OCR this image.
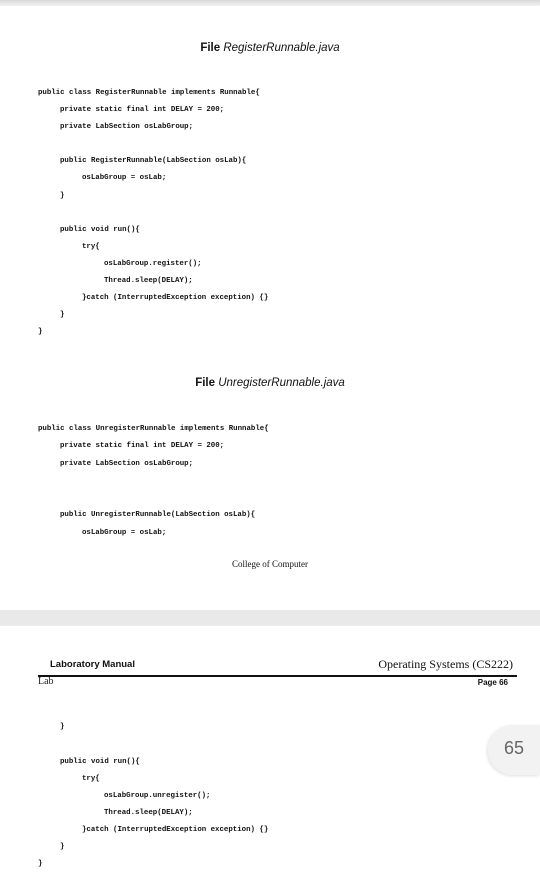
File RegisterRunnable.java
public class RegisterRunnable implements Runnable{
private static final int DELAY = 200;
private LabSection osLabGroup;
public RegisterRunnable(LabSection osLab){
osLabGroup = osLab;
}
public void run(){
try{
osLabGroup.register();
Thread.sleep(DELAY);
}catch (InterruptedException exception) {}
}
}
File UnregisterRunnable.java
public class UnregisterRunnable implements Runnable{
private static final int DELAY = 200;
private LabSection osLabGroup;
public UnregisterRunnable(LabSection osLab){
osLabGroup = osLab;
College of Computer
Laboratory Manual	Operating Systems (CS222)
Lab	Page 66
}
public void run(){
try{
osLabGroup.unregister();
Thread.sleep(DELAY);
}catch (InterruptedException exception) {}
}
}
65
